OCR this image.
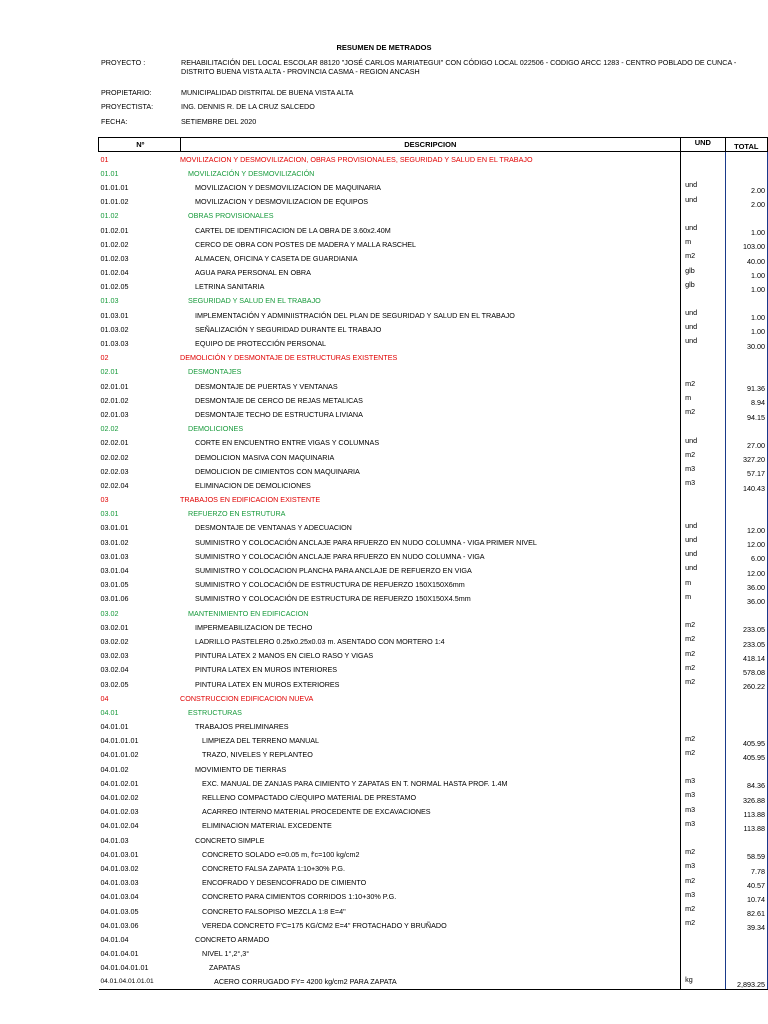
RESUMEN DE METRADOS
PROYECTO :	REHABILITACIÓN DEL LOCAL ESCOLAR 88120 "JOSÉ CARLOS MARIATEGUI" CON CÓDIGO LOCAL 022506 - CODIGO ARCC 1283 - CENTRO POBLADO DE CUNCA - DISTRITO BUENA VISTA ALTA - PROVINCIA CASMA - REGION ANCASH
PROPIETARIO:	MUNICIPALIDAD DISTRITAL DE BUENA VISTA ALTA
PROYECTISTA:	ING. DENNIS R. DE LA CRUZ SALCEDO
FECHA:	SETIEMBRE DEL 2020
Nº	DESCRIPCION	UND	TOTAL
01	MOVILIZACION Y DESMOVILIZACION, OBRAS PROVISIONALES, SEGURIDAD Y SALUD EN EL TRABAJO		
01.01	MOVILIZACIÓN Y DESMOVILIZACIÓN		
01.01.01	MOVILIZACION Y DESMOVILIZACION DE MAQUINARIA	und	2.00
01.01.02	MOVILIZACION Y DESMOVILIZACION DE EQUIPOS	und	2.00
01.02	OBRAS PROVISIONALES		
01.02.01	CARTEL DE IDENTIFICACION DE LA OBRA DE 3.60x2.40M	und	1.00
01.02.02	CERCO DE OBRA CON POSTES DE MADERA Y MALLA RASCHEL	m	103.00
01.02.03	ALMACEN, OFICINA Y CASETA DE GUARDIANIA	m2	40.00
01.02.04	AGUA PARA PERSONAL EN OBRA	glb	1.00
01.02.05	LETRINA SANITARIA	glb	1.00
01.03	SEGURIDAD Y SALUD EN EL TRABAJO		
01.03.01	IMPLEMENTACIÓN Y ADMINIISTRACIÓN DEL PLAN DE SEGURIDAD Y SALUD EN EL TRABAJO	und	1.00
01.03.02	SEÑALIZACIÓN Y SEGURIDAD DURANTE EL TRABAJO	und	1.00
01.03.03	EQUIPO DE PROTECCIÓN PERSONAL	und	30.00
02	DEMOLICIÓN Y DESMONTAJE DE ESTRUCTURAS EXISTENTES		
02.01	DESMONTAJES		
02.01.01	DESMONTAJE DE PUERTAS Y VENTANAS	m2	91.36
02.01.02	DESMONTAJE DE CERCO DE REJAS METALICAS	m	8.94
02.01.03	DESMONTAJE TECHO DE ESTRUCTURA LIVIANA	m2	94.15
02.02	DEMOLICIONES		
02.02.01	CORTE EN ENCUENTRO ENTRE VIGAS Y COLUMNAS	und	27.00
02.02.02	DEMOLICION MASIVA CON MAQUINARIA	m2	327.20
02.02.03	DEMOLICION DE CIMIENTOS CON MAQUINARIA	m3	57.17
02.02.04	ELIMINACION DE DEMOLICIONES	m3	140.43
03	TRABAJOS EN EDIFICACION EXISTENTE		
03.01	REFUERZO EN ESTRUTURA		
03.01.01	DESMONTAJE DE VENTANAS Y ADECUACION	und	12.00
03.01.02	SUMINISTRO Y COLOCACIÓN ANCLAJE PARA RFUERZO EN NUDO COLUMNA - VIGA PRIMER NIVEL	und	12.00
03.01.03	SUMINISTRO Y COLOCACIÓN ANCLAJE PARA RFUERZO EN NUDO COLUMNA - VIGA	und	6.00
03.01.04	SUMINISTRO Y COLOCACION PLANCHA PARA ANCLAJE DE REFUERZO EN VIGA	und	12.00
03.01.05	SUMINISTRO Y COLOCACIÓN DE ESTRUCTURA DE REFUERZO 150X150X6mm	m	36.00
03.01.06	SUMINISTRO Y COLOCACIÓN DE ESTRUCTURA DE REFUERZO 150X150X4.5mm	m	36.00
03.02	MANTENIMIENTO EN EDIFICACION		
03.02.01	IMPERMEABILIZACION DE TECHO	m2	233.05
03.02.02	LADRILLO PASTELERO 0.25x0.25x0.03 m. ASENTADO CON MORTERO 1:4	m2	233.05
03.02.03	PINTURA LATEX 2 MANOS EN CIELO RASO Y VIGAS	m2	418.14
03.02.04	PINTURA LATEX EN MUROS INTERIORES	m2	578.08
03.02.05	PINTURA LATEX EN MUROS EXTERIORES	m2	260.22
04	CONSTRUCCION EDIFICACION NUEVA		
04.01	ESTRUCTURAS		
04.01.01	TRABAJOS PRELIMINARES		
04.01.01.01	LIMPIEZA DEL TERRENO MANUAL	m2	405.95
04.01.01.02	TRAZO, NIVELES Y REPLANTEO	m2	405.95
04.01.02	MOVIMIENTO DE TIERRAS		
04.01.02.01	EXC. MANUAL DE ZANJAS PARA CIMIENTO Y ZAPATAS EN T. NORMAL HASTA PROF. 1.4M	m3	84.36
04.01.02.02	RELLENO COMPACTADO C/EQUIPO MATERIAL DE PRESTAMO	m3	326.88
04.01.02.03	ACARREO INTERNO MATERIAL PROCEDENTE DE EXCAVACIONES	m3	113.88
04.01.02.04	ELIMINACION MATERIAL EXCEDENTE	m3	113.88
04.01.03	CONCRETO SIMPLE		
04.01.03.01	CONCRETO SOLADO e=0.05 m, f'c=100 kg/cm2	m2	58.59
04.01.03.02	CONCRETO FALSA ZAPATA 1:10+30% P.G.	m3	7.78
04.01.03.03	ENCOFRADO Y DESENCOFRADO DE CIMIENTO	m2	40.57
04.01.03.04	CONCRETO PARA CIMIENTOS CORRIDOS 1:10+30% P.G.	m3	10.74
04.01.03.05	CONCRETO FALSOPISO MEZCLA 1:8 E=4"	m2	82.61
04.01.03.06	VEREDA CONCRETO F'C=175 KG/CM2 E=4" FROTACHADO Y BRUÑADO	m2	39.34
04.01.04	CONCRETO ARMADO		
04.01.04.01	NIVEL 1°,2°,3°		
04.01.04.01.01	ZAPATAS		
04.01.04.01.01.01	ACERO CORRUGADO FY= 4200 kg/cm2 PARA ZAPATA	kg	2,893.25
